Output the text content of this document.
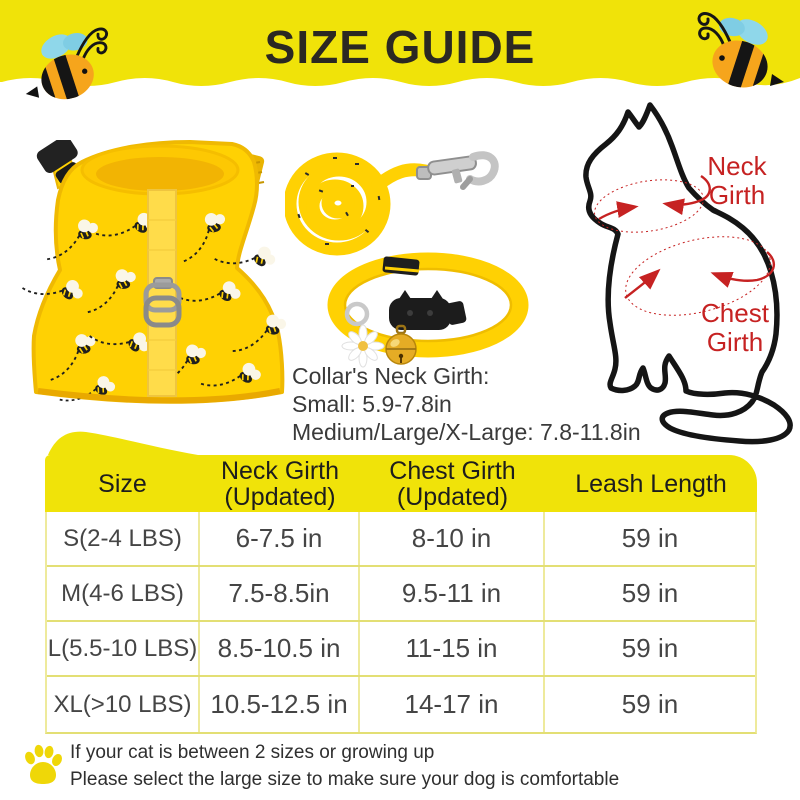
SIZE GUIDE
Neck
Girth
Chest
Girth
Collar's Neck Girth:
Small: 5.9-7.8in
Medium/Large/X-Large: 7.8-11.8in
Size	Neck Girth
(Updated)
Chest Girth
(Updated)	Leash Length
S(2-4 LBS)	6-7.5 in	8-10 in	59 in
M(4-6 LBS)	7.5-8.5in	9.5-11 in	59 in
L(5.5-10 LBS) 8.5-10.5 in	11-15 in	59 in
XL(>10 LBS) 10.5-12.5 in	14-17 in	59 in
If your cat is between 2 sizes or growing up
Please select the large size to make sure your dog is comfortable
